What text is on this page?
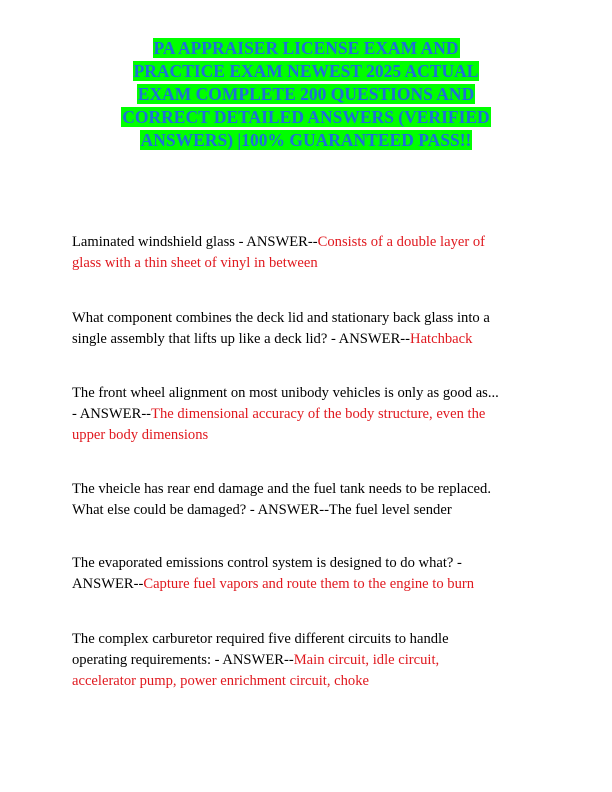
PA APPRAISER LICENSE EXAM AND
PRACTICE EXAM NEWEST 2025 ACTUAL
EXAM COMPLETE 200 QUESTIONS AND
CORRECT DETAILED ANSWERS (VERIFIED
ANSWERS) |100% GUARANTEED PASS!!
Laminated windshield glass - ANSWER--Consists of a double layer of
glass with a thin sheet of vinyl in between
What component combines the deck lid and stationary back glass into a
single assembly that lifts up like a deck lid? - ANSWER--Hatchback
The front wheel alignment on most unibody vehicles is only as good as...
- ANSWER--The dimensional accuracy of the body structure, even the
upper body dimensions
The vheicle has rear end damage and the fuel tank needs to be replaced.
What else could be damaged? - ANSWER--The fuel level sender
The evaporated emissions control system is designed to do what? -
ANSWER--Capture fuel vapors and route them to the engine to burn
The complex carburetor required five different circuits to handle
operating requirements: - ANSWER--Main circuit, idle circuit,
accelerator pump, power enrichment circuit, choke
